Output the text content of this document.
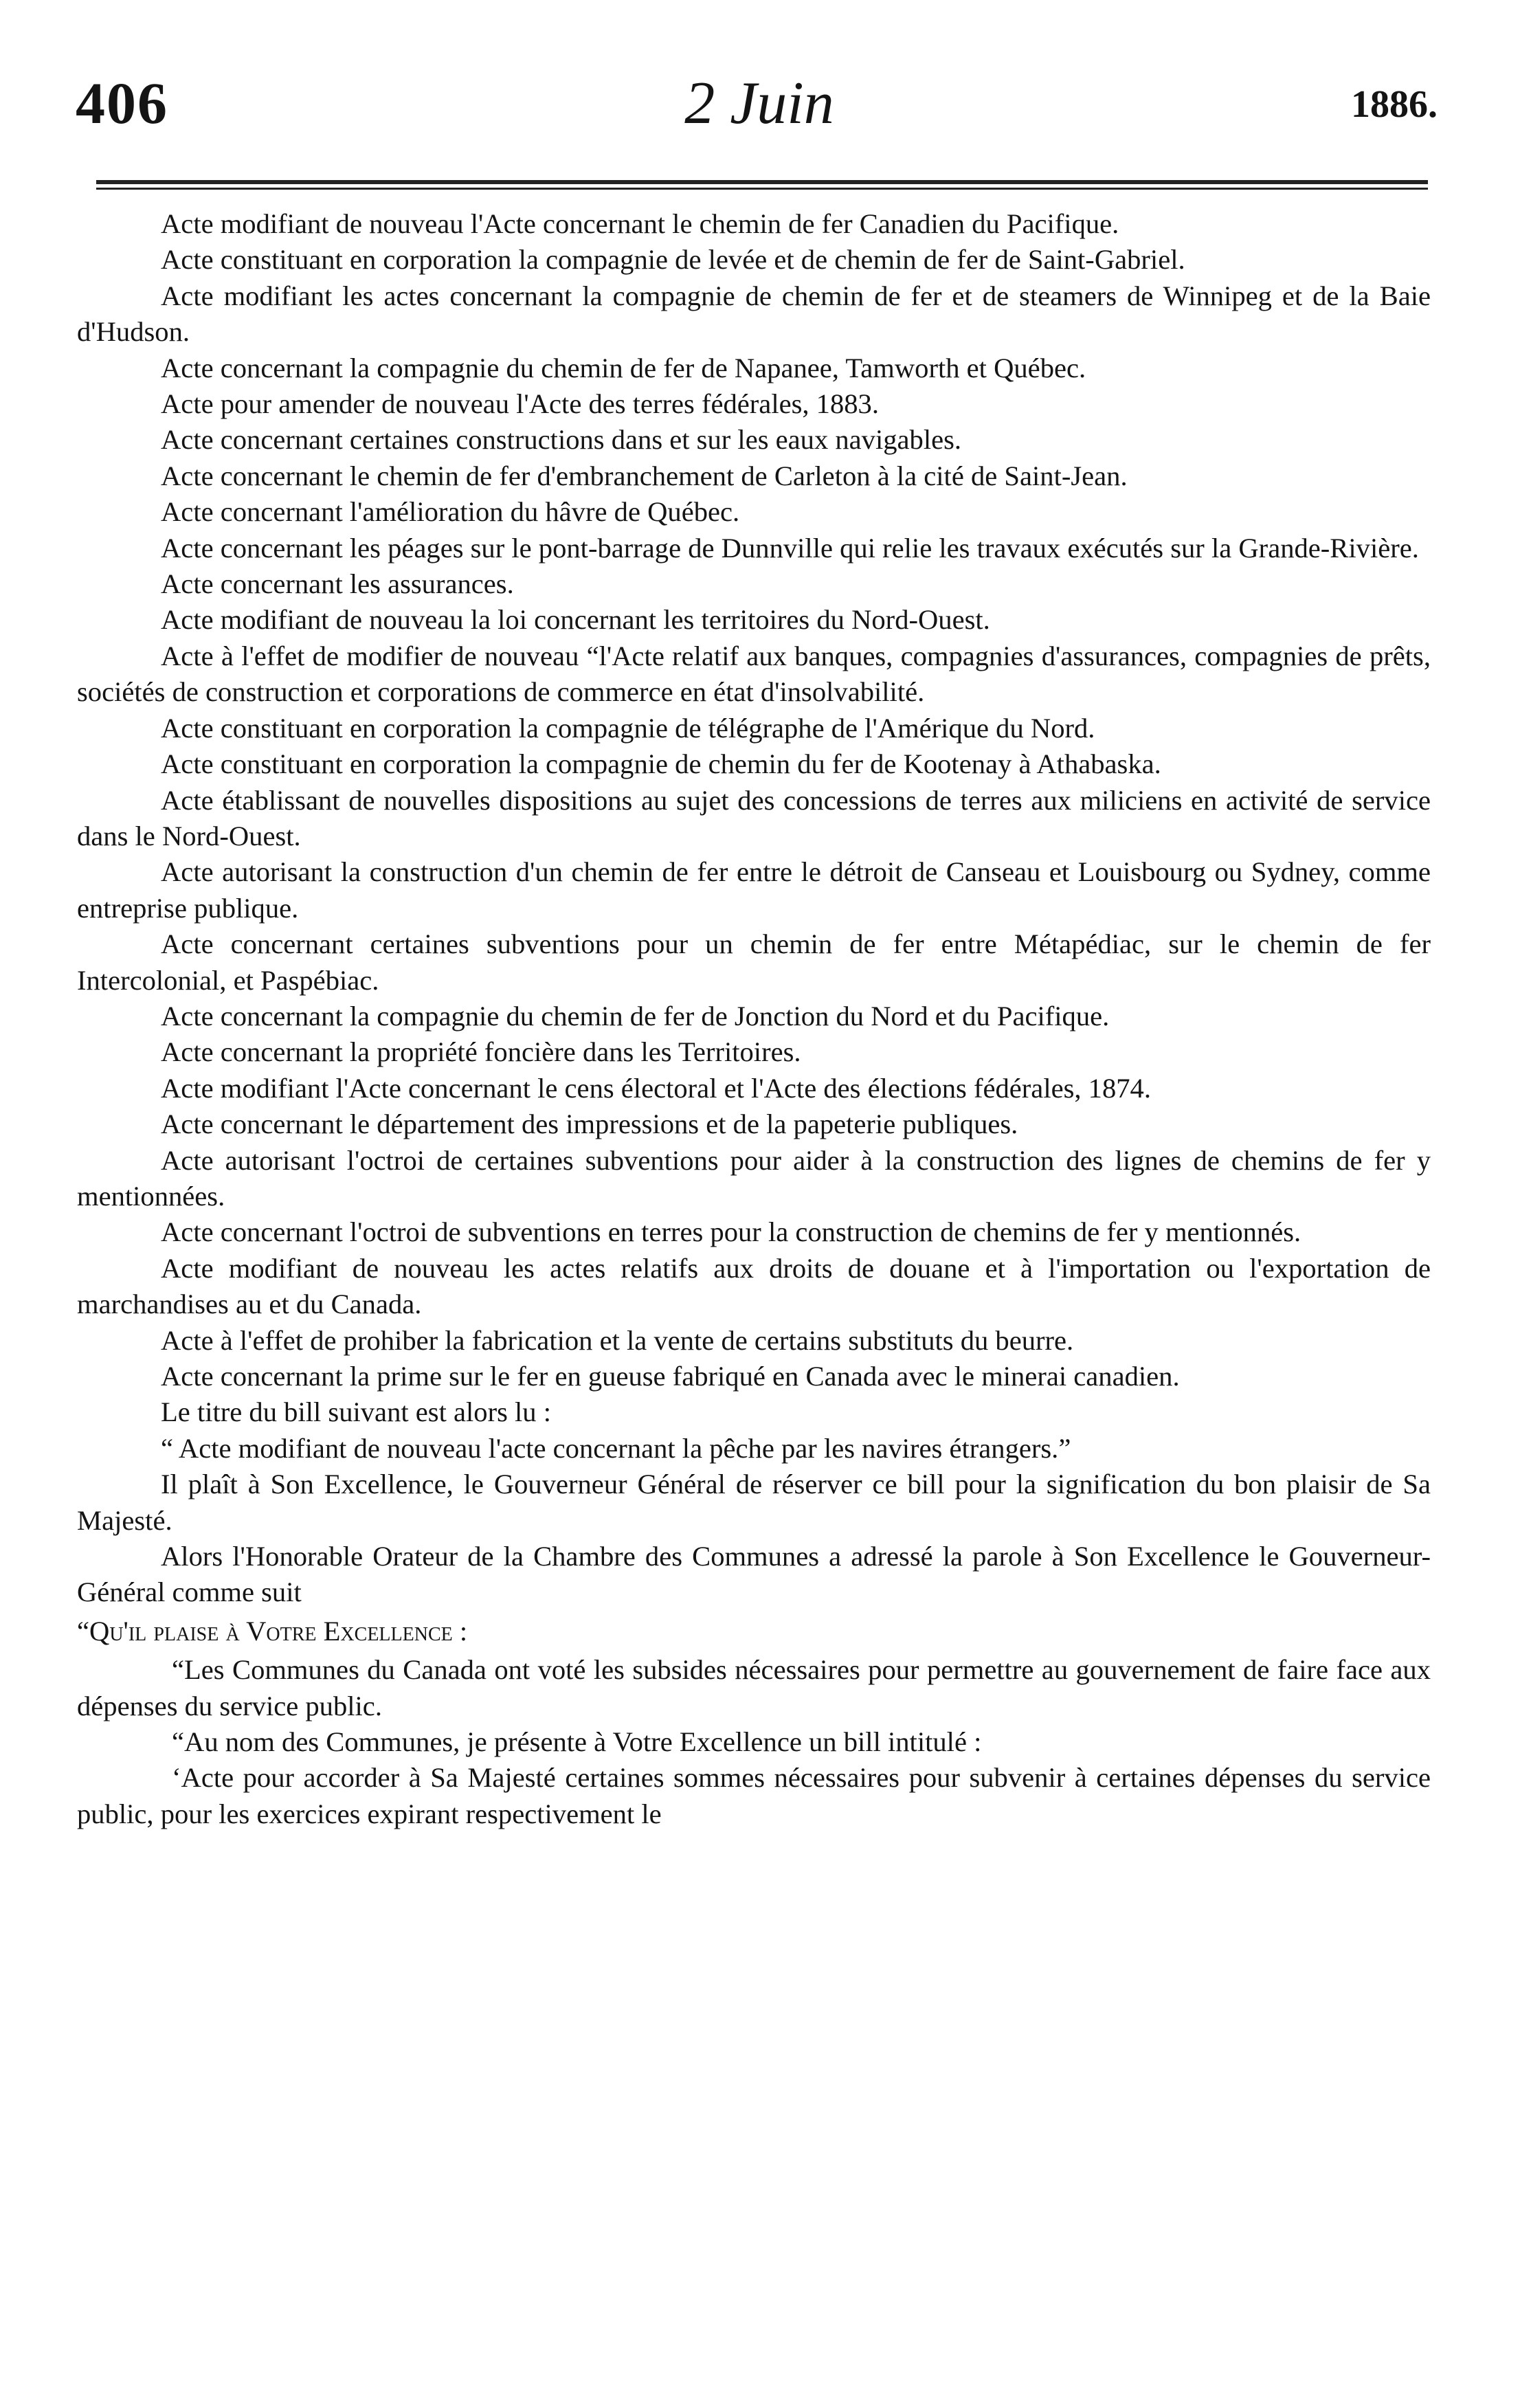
406	2 Juin	1886.

Acte modifiant de nouveau l'Acte concernant le chemin de fer Canadien du Pacifique.

Acte constituant en corporation la compagnie de levée et de chemin de fer de Saint-Gabriel.

Acte modifiant les actes concernant la compagnie de chemin de fer et de steamers de Winnipeg et de la Baie d'Hudson.

Acte concernant la compagnie du chemin de fer de Napanee, Tamworth et Québec.

Acte pour amender de nouveau l'Acte des terres fédérales, 1883.

Acte concernant certaines constructions dans et sur les eaux navigables.

Acte concernant le chemin de fer d'embranchement de Carleton à la cité de Saint-Jean.

Acte concernant l'amélioration du hâvre de Québec.

Acte concernant les péages sur le pont-barrage de Dunnville qui relie les travaux exécutés sur la Grande-Rivière.

Acte concernant les assurances.

Acte modifiant de nouveau la loi concernant les territoires du Nord-Ouest.

Acte à l'effet de modifier de nouveau “l'Acte relatif aux banques, compagnies d'assurances, compagnies de prêts, sociétés de construction et corporations de commerce en état d'insolvabilité.

Acte constituant en corporation la compagnie de télégraphe de l'Amérique du Nord.

Acte constituant en corporation la compagnie de chemin du fer de Kootenay à Athabaska.

Acte établissant de nouvelles dispositions au sujet des concessions de terres aux miliciens en activité de service dans le Nord-Ouest.

Acte autorisant la construction d'un chemin de fer entre le détroit de Canseau et Louisbourg ou Sydney, comme entreprise publique.

Acte concernant certaines subventions pour un chemin de fer entre Métapédiac, sur le chemin de fer Intercolonial, et Paspébiac.

Acte concernant la compagnie du chemin de fer de Jonction du Nord et du Pacifique.

Acte concernant la propriété foncière dans les Territoires.

Acte modifiant l'Acte concernant le cens électoral et l'Acte des élections fédérales, 1874.

Acte concernant le département des impressions et de la papeterie publiques.

Acte autorisant l'octroi de certaines subventions pour aider à la construction des lignes de chemins de fer y mentionnées.

Acte concernant l'octroi de subventions en terres pour la construction de chemins de fer y mentionnés.

Acte modifiant de nouveau les actes relatifs aux droits de douane et à l'importation ou l'exportation de marchandises au et du Canada.

Acte à l'effet de prohiber la fabrication et la vente de certains substituts du beurre.

Acte concernant la prime sur le fer en gueuse fabriqué en Canada avec le minerai canadien.

Le titre du bill suivant est alors lu :

“ Acte modifiant de nouveau l'acte concernant la pêche par les navires étrangers.”

Il plaît à Son Excellence, le Gouverneur Général de réserver ce bill pour la signification du bon plaisir de Sa Majesté.

Alors l'Honorable Orateur de la Chambre des Communes a adressé la parole à Son Excellence le Gouverneur-Général comme suit

“Qu'il plaise à Votre Excellence :

“Les Communes du Canada ont voté les subsides nécessaires pour permettre au gouvernement de faire face aux dépenses du service public.

“Au nom des Communes, je présente à Votre Excellence un bill intitulé :

‘Acte pour accorder à Sa Majesté certaines sommes nécessaires pour subvenir à certaines dépenses du service public, pour les exercices expirant respectivement le
